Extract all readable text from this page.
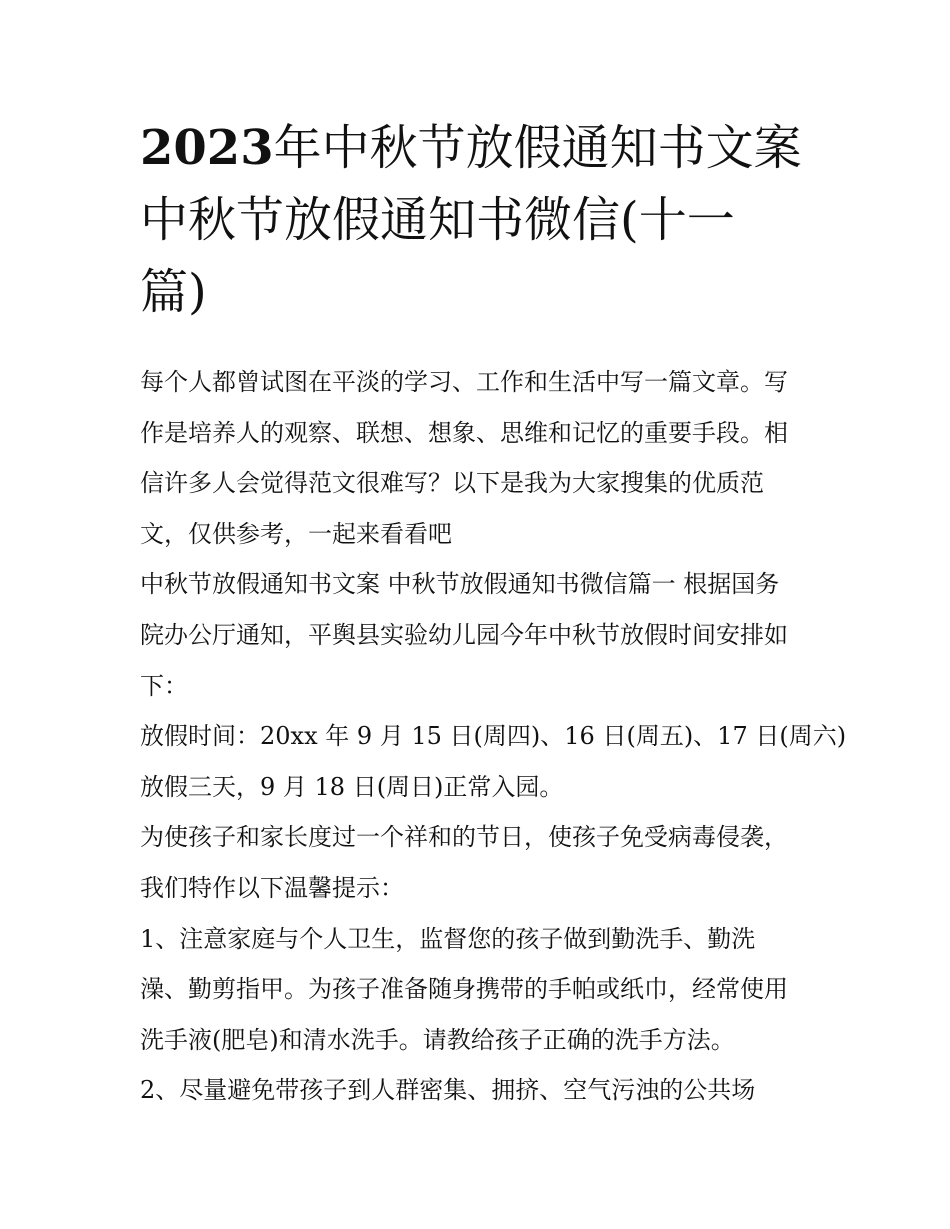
2023年中秋节放假通知书文案
中秋节放假通知书微信(十一
篇)
每个人都曾试图在平淡的学习、工作和生活中写一篇文章。写
作是培养人的观察、联想、想象、思维和记忆的重要手段。相
信许多人会觉得范文很难写？以下是我为大家搜集的优质范
文，仅供参考，一起来看看吧
中秋节放假通知书文案 中秋节放假通知书微信篇一 根据国务
院办公厅通知，平舆县实验幼儿园今年中秋节放假时间安排如
下：
放假时间：20xx 年 9 月 15 日(周四)、16 日(周五)、17 日(周六)
放假三天，9 月 18 日(周日)正常入园。
为使孩子和家长度过一个祥和的节日，使孩子免受病毒侵袭，
我们特作以下温馨提示：
1、注意家庭与个人卫生，监督您的孩子做到勤洗手、勤洗
澡、勤剪指甲。为孩子准备随身携带的手帕或纸巾，经常使用
洗手液(肥皂)和清水洗手。请教给孩子正确的洗手方法。
2、尽量避免带孩子到人群密集、拥挤、空气污浊的公共场
